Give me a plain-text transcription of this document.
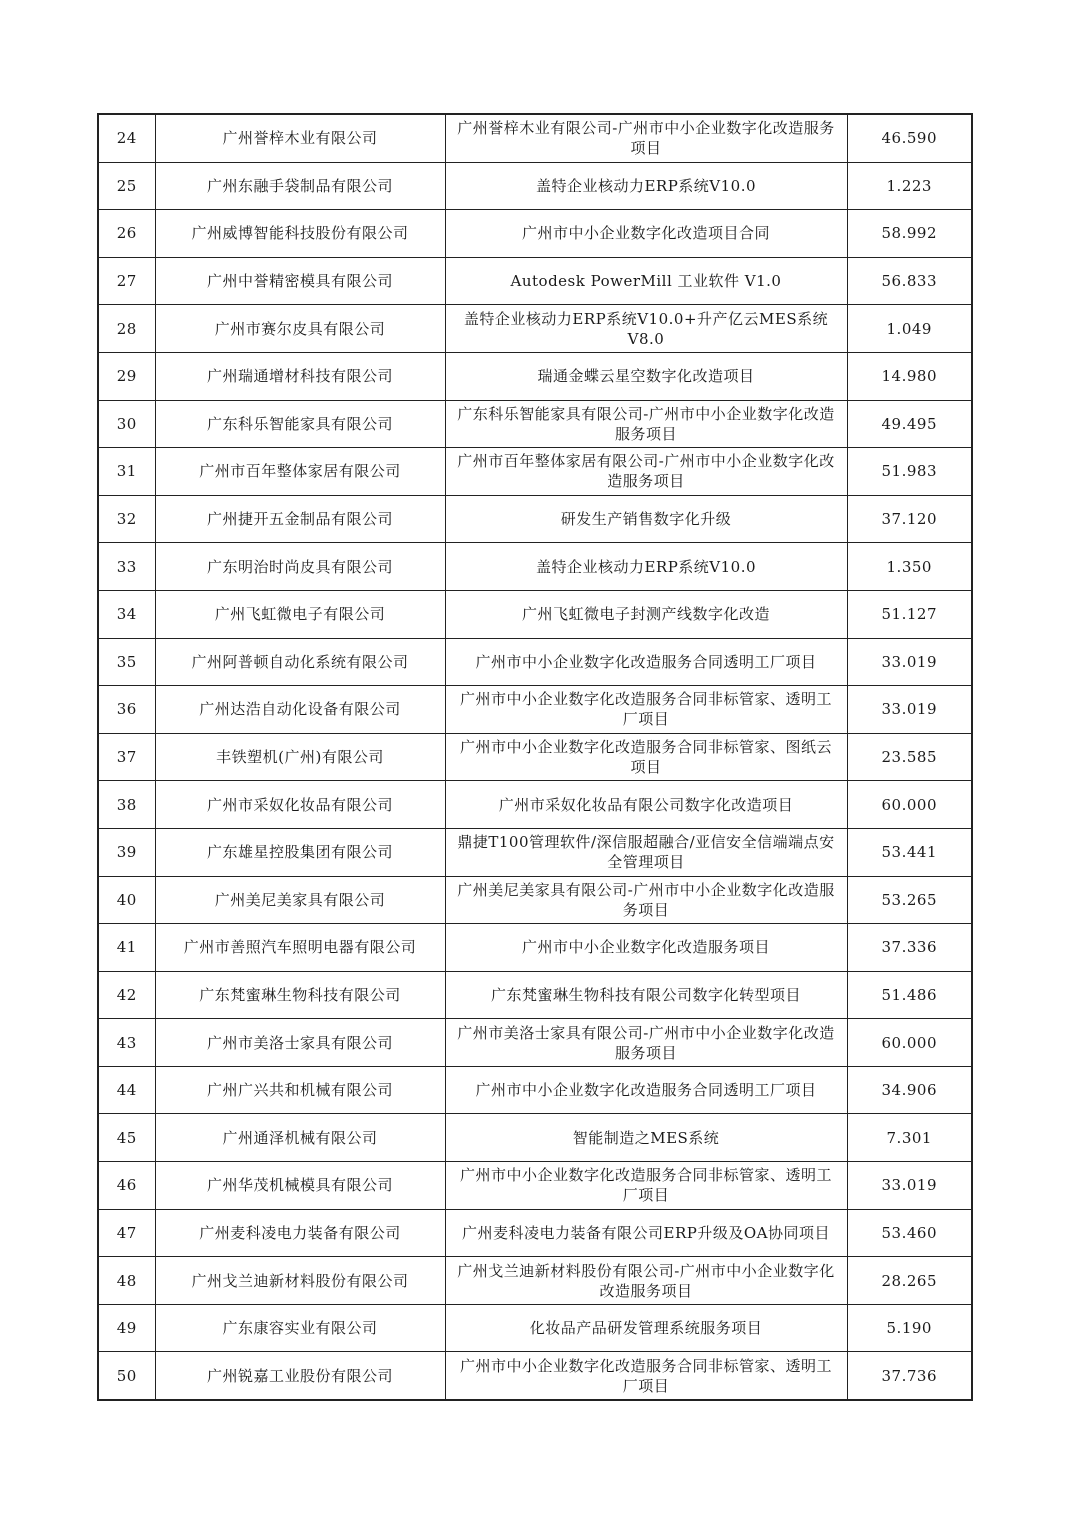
24	广州誉梓木业有限公司	广州誉梓木业有限公司-广州市中小企业数字化改造服务项目	46.590
25	广州东融手袋制品有限公司	盖特企业核动力ERP系统V10.0	1.223
26	广州威博智能科技股份有限公司	广州市中小企业数字化改造项目合同	58.992
27	广州中誉精密模具有限公司	Autodesk PowerMill 工业软件 V1.0	56.833
28	广州市赛尔皮具有限公司	盖特企业核动力ERP系统V10.0+升产亿云MES系统V8.0	1.049
29	广州瑞通增材科技有限公司	瑞通金蝶云星空数字化改造项目	14.980
30	广东科乐智能家具有限公司	广东科乐智能家具有限公司-广州市中小企业数字化改造服务项目	49.495
31	广州市百年整体家居有限公司	广州市百年整体家居有限公司-广州市中小企业数字化改造服务项目	51.983
32	广州捷开五金制品有限公司	研发生产销售数字化升级	37.120
33	广东明治时尚皮具有限公司	盖特企业核动力ERP系统V10.0	1.350
34	广州飞虹微电子有限公司	广州飞虹微电子封测产线数字化改造	51.127
35	广州阿普顿自动化系统有限公司	广州市中小企业数字化改造服务合同透明工厂项目	33.019
36	广州达浩自动化设备有限公司	广州市中小企业数字化改造服务合同非标管家、透明工厂项目	33.019
37	丰铁塑机(广州)有限公司	广州市中小企业数字化改造服务合同非标管家、图纸云项目	23.585
38	广州市采奴化妆品有限公司	广州市采奴化妆品有限公司数字化改造项目	60.000
39	广东雄星控股集团有限公司	鼎捷T100管理软件/深信服超融合/亚信安全信端端点安全管理项目	53.441
40	广州美尼美家具有限公司	广州美尼美家具有限公司-广州市中小企业数字化改造服务项目	53.265
41	广州市善照汽车照明电器有限公司	广州市中小企业数字化改造服务项目	37.336
42	广东梵蜜琳生物科技有限公司	广东梵蜜琳生物科技有限公司数字化转型项目	51.486
43	广州市美洛士家具有限公司	广州市美洛士家具有限公司-广州市中小企业数字化改造服务项目	60.000
44	广州广兴共和机械有限公司	广州市中小企业数字化改造服务合同透明工厂项目	34.906
45	广州通泽机械有限公司	智能制造之MES系统	7.301
46	广州华茂机械模具有限公司	广州市中小企业数字化改造服务合同非标管家、透明工厂项目	33.019
47	广州麦科凌电力装备有限公司	广州麦科凌电力装备有限公司ERP升级及OA协同项目	53.460
48	广州戈兰迪新材料股份有限公司	广州戈兰迪新材料股份有限公司-广州市中小企业数字化改造服务项目	28.265
49	广东康容实业有限公司	化妆品产品研发管理系统服务项目	5.190
50	广州锐嘉工业股份有限公司	广州市中小企业数字化改造服务合同非标管家、透明工厂项目	37.736
